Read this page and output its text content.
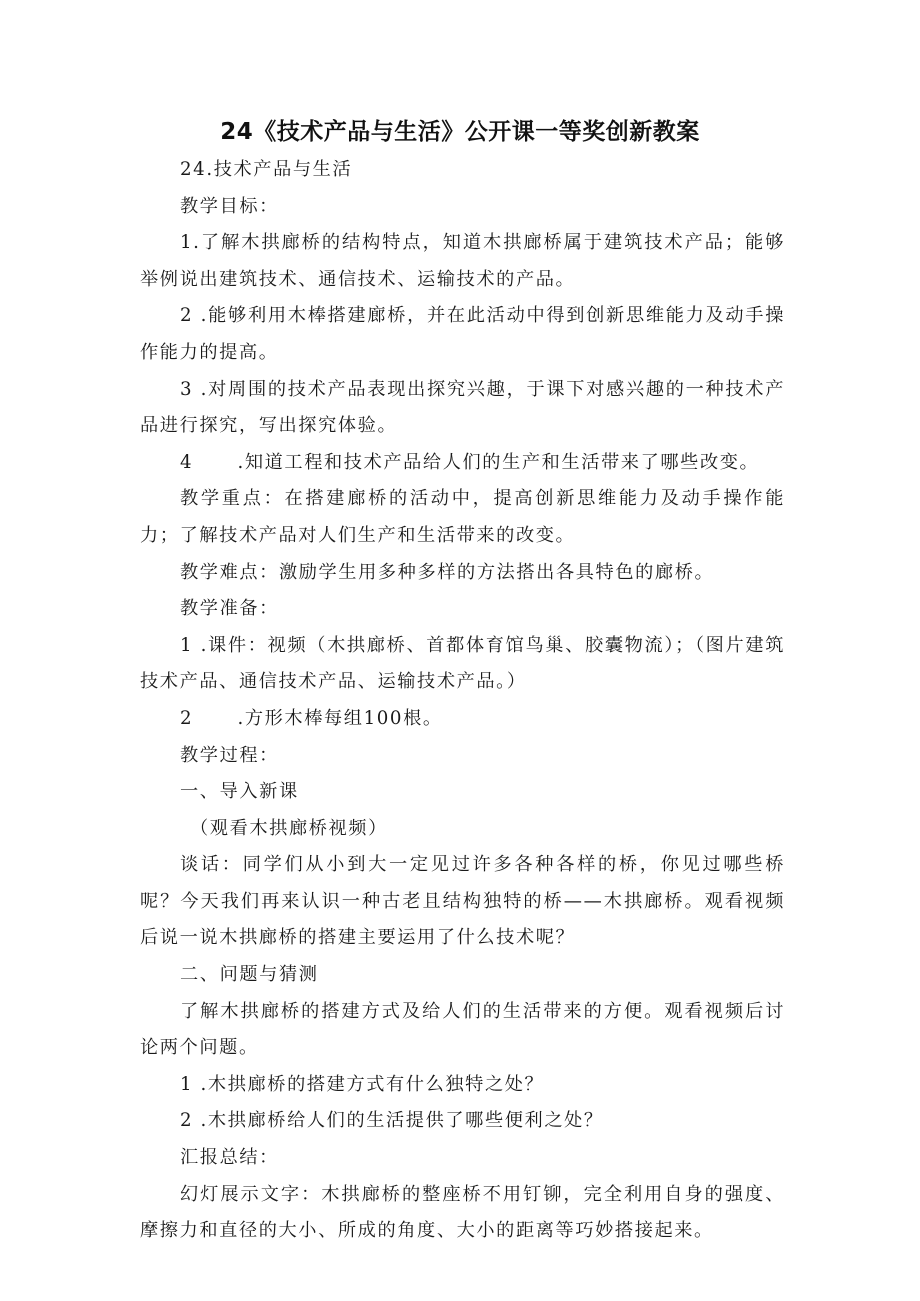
24《技术产品与生活》公开课一等奖创新教案

24.技术产品与生活

教学目标：

1.了解木拱廊桥的结构特点，知道木拱廊桥属于建筑技术产品；能够举例说出建筑技术、通信技术、运输技术的产品。

2 .能够利用木棒搭建廊桥，并在此活动中得到创新思维能力及动手操作能力的提高。

3 .对周围的技术产品表现出探究兴趣，于课下对感兴趣的一种技术产品进行探究，写出探究体验。

4      .知道工程和技术产品给人们的生产和生活带来了哪些改变。

教学重点：在搭建廊桥的活动中，提高创新思维能力及动手操作能力；了解技术产品对人们生产和生活带来的改变。

教学难点：激励学生用多种多样的方法搭出各具特色的廊桥。

教学准备：

1 .课件：视频（木拱廊桥、首都体育馆鸟巢、胶囊物流）；（图片建筑技术产品、通信技术产品、运输技术产品。）

2      .方形木棒每组100根。

教学过程：

一、导入新课

（观看木拱廊桥视频）

谈话：同学们从小到大一定见过许多各种各样的桥，你见过哪些桥呢？今天我们再来认识一种古老且结构独特的桥——木拱廊桥。观看视频后说一说木拱廊桥的搭建主要运用了什么技术呢？

二、问题与猜测

了解木拱廊桥的搭建方式及给人们的生活带来的方便。观看视频后讨论两个问题。

1 .木拱廊桥的搭建方式有什么独特之处？

2 .木拱廊桥给人们的生活提供了哪些便利之处？

汇报总结：

幻灯展示文字：木拱廊桥的整座桥不用钉铆，完全利用自身的强度、摩擦力和直径的大小、所成的角度、大小的距离等巧妙搭接起来。
